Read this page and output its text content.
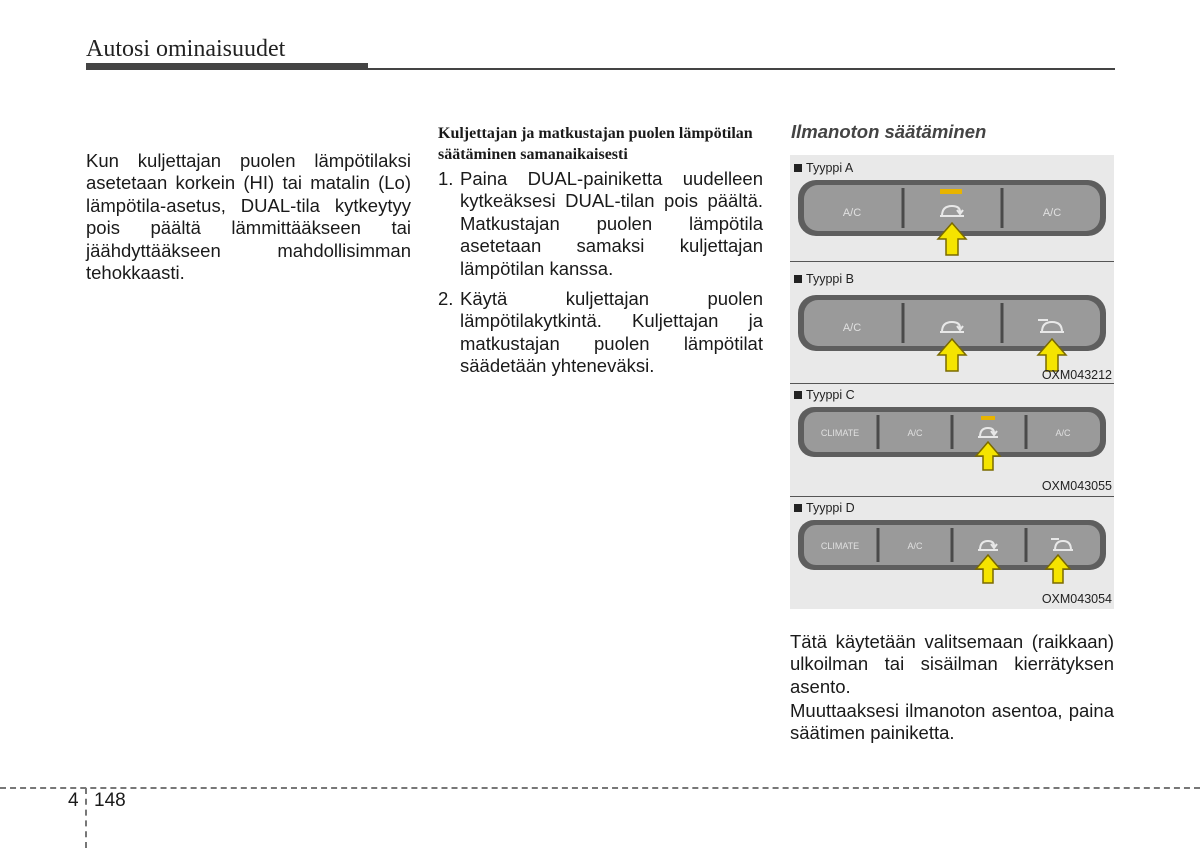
Autosi ominaisuudet

Kun kuljettajan puolen lämpötilaksi asetetaan korkein (HI) tai matalin (Lo) lämpötila-asetus, DUAL-tila kytkeytyy pois päältä lämmittääkseen tai jäähdyttääkseen mahdollisimman tehokkaasti.

Kuljettajan ja matkustajan puolen lämpötilan säätäminen samanaikaisesti
1. Paina DUAL-painiketta uudelleen kytkeäksesi DUAL-tilan pois päältä. Matkustajan puolen lämpötila asetetaan samaksi kuljettajan lämpötilan kanssa.
2. Käytä kuljettajan puolen lämpötilakytkintä. Kuljettajan ja matkustajan puolen lämpötilat säädetään yhteneväksi.
Ilmanoton säätäminen
Tyyppi A
A/C	A/C
Tyyppi B
A/C
OXM043212
Tyyppi C
CLIMATE	A/C	A/C
OXM043055
Tyyppi D
CLIMATE	A/C
OXM043054

Tätä käytetään valitsemaan (raikkaan) ulkoilman tai sisäilman kierrätyksen asento.

Muuttaaksesi ilmanoton asentoa, paina säätimen painiketta.

4 148
